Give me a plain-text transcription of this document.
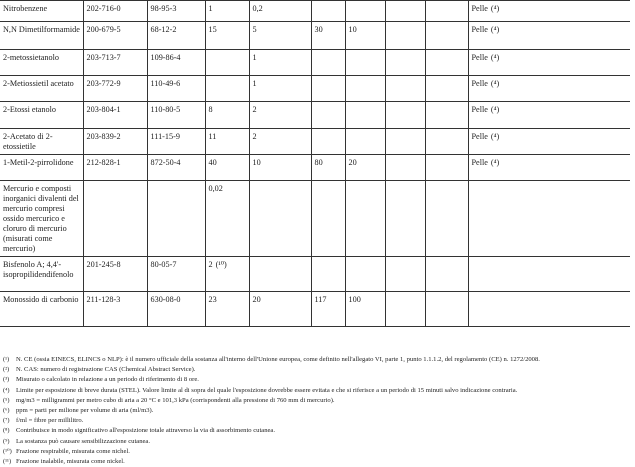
Nitrobenzene	202-716-0	98-95-3	1	0,2					Pelle (⁴)
N,N Dimetilformamide	200-679-5	68-12-2	15	5	30	10			Pelle (⁴)
2-metossietanolo	203-713-7	109-86-4		1					Pelle (⁴)
2-Metiossietil acetato	203-772-9	110-49-6		1					Pelle (⁴)
2-Etossi etanolo	203-804-1	110-80-5	8	2					Pelle (⁴)
2-Acetato di 2-etossietile	203-839-2	111-15-9	11	2					Pelle (⁴)
1-Metil-2-pirrolidone	212-828-1	872-50-4	40	10	80	20			Pelle (⁴)
Mercurio e composti inorganici divalenti del mercurio compresi ossido mercurico e cloruro di mercurio (misurati come mercurio)			0,02						
Bisfenolo A; 4,4'-isopropilidendifenolo	201-245-8	80-05-7	2 (¹⁰)						
Monossido di carbonio	211-128-3	630-08-0	23	20	117	100			
(¹) N. CE (ossia EINECS, ELINCS o NLP): è il numero ufficiale della sostanza all'interno dell'Unione europea, come definito nell'allegato VI, parte 1, punto 1.1.1.2, del regolamento (CE) n. 1272/2008.
(²) N. CAS: numero di registrazione CAS (Chemical Abstract Service).
(³) Misurato o calcolato in relazione a un periodo di riferimento di 8 ore.
(⁴) Limite per esposizione di breve durata (STEL). Valore limite al di sopra del quale l'esposizione dovrebbe essere evitata e che si riferisce a un periodo di 15 minuti salvo indicazione contraria.
(⁵) mg/m3 = milligrammi per metro cubo di aria a 20 °C e 101,3 kPa (corrispondenti alla pressione di 760 mm di mercurio).
(⁶) ppm = parti per milione per volume di aria (ml/m3).
(⁷) f/ml = fibre per millilitro.
(⁸) Contribuisce in modo significativo all'esposizione totale attraverso la via di assorbimento cutanea.
(⁹) La sostanza può causare sensibilizzazione cutanea.
(¹⁰) Frazione respirabile, misurata come nichel.
(¹¹) Frazione inalabile, misurata come nickel.
